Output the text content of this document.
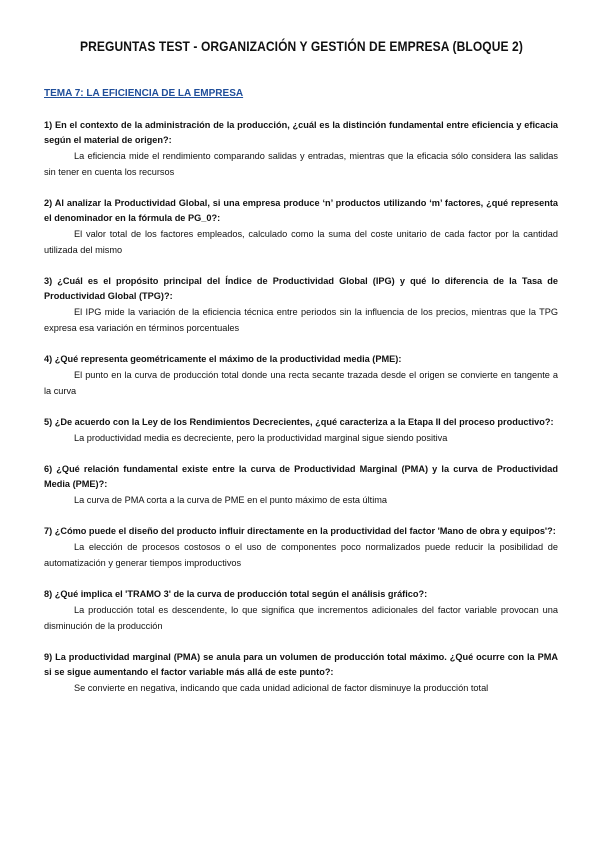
PREGUNTAS TEST - ORGANIZACIÓN Y GESTIÓN DE EMPRESA (BLOQUE 2)
TEMA 7: LA EFICIENCIA DE LA EMPRESA

1) En el contexto de la administración de la producción, ¿cuál es la distinción fundamental entre eficiencia y eficacia según el material de origen?:

La eficiencia mide el rendimiento comparando salidas y entradas, mientras que la eficacia sólo considera las salidas sin tener en cuenta los recursos

2) Al analizar la Productividad Global, si una empresa produce ‘n’ productos utilizando ‘m’ factores, ¿qué representa el denominador en la fórmula de PG_0?:

El valor total de los factores empleados, calculado como la suma del coste unitario de cada factor por la cantidad utilizada del mismo

3) ¿Cuál es el propósito principal del Índice de Productividad Global (IPG) y qué lo diferencia de la Tasa de Productividad Global (TPG)?:

El IPG mide la variación de la eficiencia técnica entre periodos sin la influencia de los precios, mientras que la TPG expresa esa variación en términos porcentuales

4) ¿Qué representa geométricamente el máximo de la productividad media (PME):

El punto en la curva de producción total donde una recta secante trazada desde el origen se convierte en tangente a la curva

5) ¿De acuerdo con la Ley de los Rendimientos Decrecientes, ¿qué caracteriza a la Etapa II del proceso productivo?:

La productividad media es decreciente, pero la productividad marginal sigue siendo positiva

6) ¿Qué relación fundamental existe entre la curva de Productividad Marginal (PMA) y la curva de Productividad Media (PME)?:

La curva de PMA corta a la curva de PME en el punto máximo de esta última

7) ¿Cómo puede el diseño del producto influir directamente en la productividad del factor 'Mano de obra y equipos'?:

La elección de procesos costosos o el uso de componentes poco normalizados puede reducir la posibilidad de automatización y generar tiempos improductivos

8) ¿Qué implica el 'TRAMO 3' de la curva de producción total según el análisis gráfico?:

La producción total es descendente, lo que significa que incrementos adicionales del factor variable provocan una disminución de la producción

9) La productividad marginal (PMA) se anula para un volumen de producción total máximo. ¿Qué ocurre con la PMA si se sigue aumentando el factor variable más allá de este punto?:

Se convierte en negativa, indicando que cada unidad adicional de factor disminuye la producción total
